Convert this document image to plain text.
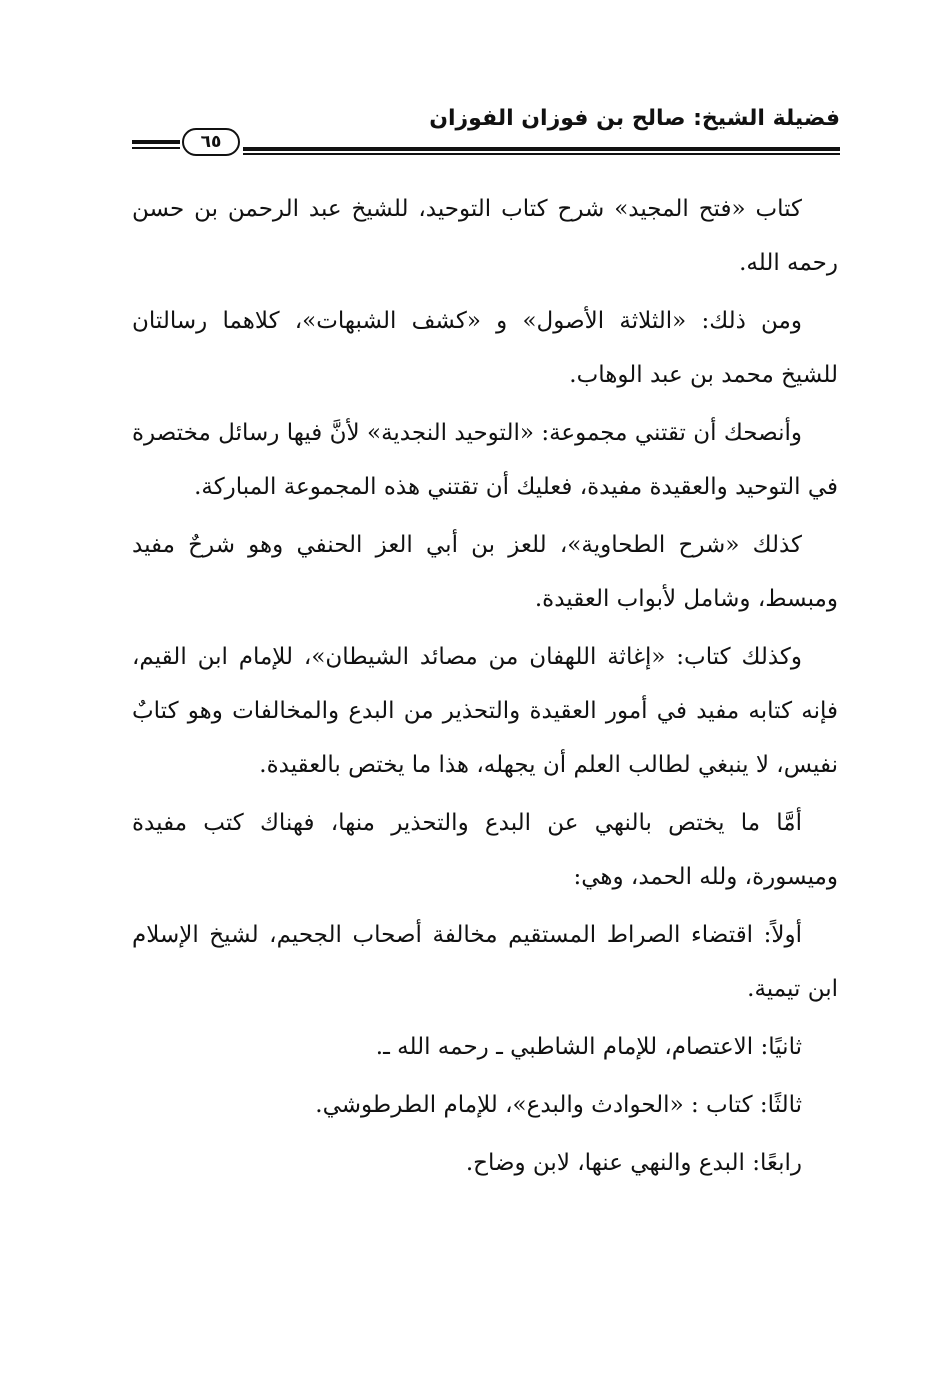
فضيلة الشيخ: صالح بن فوزان الفوزان
٦٥

كتاب «فتح المجيد» شرح كتاب التوحيد، للشيخ عبد الرحمن بن حسن رحمه الله.

ومن ذلك: «الثلاثة الأصول» و «كشف الشبهات»، كلاهما رسالتان للشيخ محمد بن عبد الوهاب.

وأنصحك أن تقتني مجموعة: «التوحيد النجدية» لأنَّ فيها رسائل مختصرة في التوحيد والعقيدة مفيدة، فعليك أن تقتني هذه المجموعة المباركة.

كذلك «شرح الطحاوية»، للعز بن أبي العز الحنفي وهو شرحٌ مفيد ومبسط، وشامل لأبواب العقيدة.

وكذلك كتاب: «إغاثة اللهفان من مصائد الشيطان»، للإمام ابن القيم، فإنه كتابه مفيد في أمور العقيدة والتحذير من البدع والمخالفات وهو كتابٌ نفيس، لا ينبغي لطالب العلم أن يجهله، هذا ما يختص بالعقيدة.

أمَّا ما يختص بالنهي عن البدع والتحذير منها، فهناك كتب مفيدة وميسورة، ولله الحمد، وهي:

أولاً: اقتضاء الصراط المستقيم مخالفة أصحاب الجحيم، لشيخ الإسلام ابن تيمية.

ثانيًا: الاعتصام، للإمام الشاطبي ـ رحمه الله ـ.

ثالثًا: كتاب : «الحوادث والبدع»، للإمام الطرطوشي.

رابعًا: البدع والنهي عنها، لابن وضاح.
